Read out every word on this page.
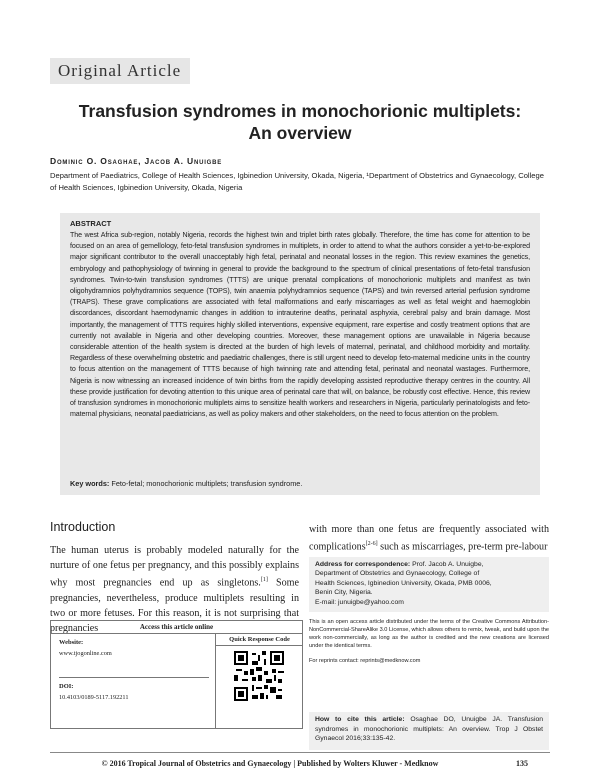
Original Article
Transfusion syndromes in monochorionic multiplets:
An overview
Dominic O. Osaghae, Jacob A. Unuigbe
Department of Paediatrics, College of Health Sciences, Igbinedion University, Okada, Nigeria, ¹Department of Obstetrics and Gynaecology, College of Health Sciences, Igbinedion University, Okada, Nigeria
ABSTRACT
The west Africa sub-region, notably Nigeria, records the highest twin and triplet birth rates globally. Therefore, the time has come for attention to be focused on an area of gemellology, feto-fetal transfusion syndromes in multiplets, in order to attend to what the authors consider a yet-to-be-explored major significant contributor to the overall unacceptably high fetal, perinatal and neonatal losses in the region. This review examines the genetics, embryology and pathophysiology of twinning in general to provide the background to the spectrum of clinical presentations of feto-fetal transfusion syndromes. Twin-to-twin transfusion syndromes (TTTS) are unique prenatal complications of monochorionic multiplets and manifest as twin oligohydramnios polyhydramnios sequence (TOPS), twin anaemia polyhydramnios sequence (TAPS) and twin reversed arterial perfusion syndrome (TRAPS). These grave complications are associated with fetal malformations and early miscarriages as well as fetal weight and haemoglobin discordances, discordant haemodynamic changes in addition to intrauterine deaths, perinatal asphyxia, cerebral palsy and brain damage. Most importantly, the management of TTTS requires highly skilled interventions, expensive equipment, rare expertise and costly treatment options that are currently not available in Nigeria and other developing countries. Moreover, these management options are unavailable in Nigeria because considerable attention of the health system is directed at the burden of high levels of maternal, perinatal, and childhood morbidity and mortality. Regardless of these overwhelming obstetric and paediatric challenges, there is still urgent need to develop feto-maternal medicine units in the country to focus attention on the management of TTTS because of high twinning rate and attending fetal, perinatal and neonatal wastages. Furthermore, Nigeria is now witnessing an increased incidence of twin births from the rapidly developing assisted reproductive therapy centres in the country. All these provide justification for devoting attention to this unique area of perinatal care that will, on balance, be robustly cost effective. Hence, this review of transfusion syndromes in monochorionic multiplets aims to sensitize health workers and researchers in Nigeria, particularly perinatologists and feto-maternal physicians, neonatal paediatricians, as well as policy makers and other stakeholders, on the need to focus attention on the problem.
Key words: Feto-fetal; monochorionic multiplets; transfusion syndrome.
Introduction
The human uterus is probably modeled naturally for the nurture of one fetus per pregnancy, and this possibly explains why most pregnancies end up as singletons.[1] Some pregnancies, nevertheless, produce multiplets resulting in two or more fetuses. For this reason, it is not surprising that pregnancies
with more than one fetus are frequently associated with complications[2-6] such as miscarriages, pre-term pre-labour
Access this article online
Website:
www.tjogonline.com
DOI:
10.4103/0189-5117.192211
Quick Response Code
Address for correspondence: Prof. Jacob A. Unuigbe,
Department of Obstetrics and Gynaecology, College of
Health Sciences, Igbinedion University, Okada, PMB 0006,
Benin City, Nigeria.
E-mail: junuigbe@yahoo.com
This is an open access article distributed under the terms of the Creative Commons Attribution-NonCommercial-ShareAlike 3.0 License, which allows others to remix, tweak, and build upon the work non-commercially, as long as the author is credited and the new creations are licensed under the identical terms.
For reprints contact: reprints@medknow.com
How to cite this article: Osaghae DO, Unuigbe JA. Transfusion syndromes in monochorionic multiplets: An overview. Trop J Obstet Gynaecol 2016;33:135-42.
© 2016 Tropical Journal of Obstetrics and Gynaecology | Published by Wolters Kluwer - Medknow	135
